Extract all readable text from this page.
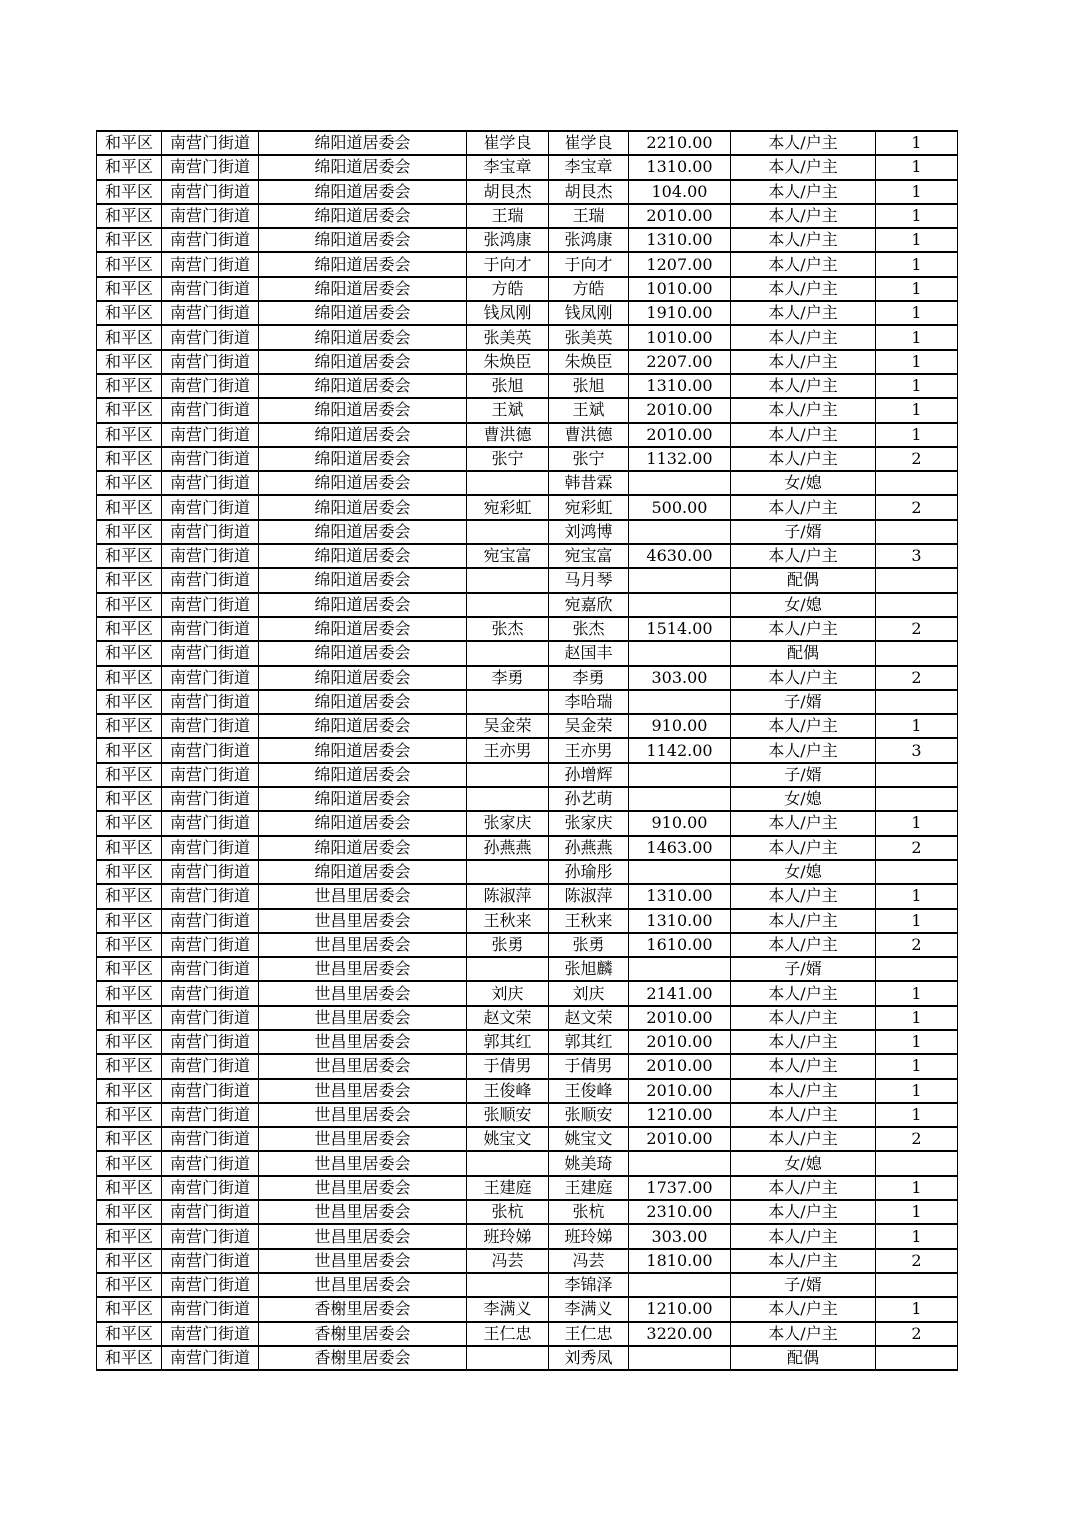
和平区	南营门街道	绵阳道居委会	崔学良	崔学良	2210.00	本人/户主	1
和平区	南营门街道	绵阳道居委会	李宝章	李宝章	1310.00	本人/户主	1
和平区	南营门街道	绵阳道居委会	胡艮杰	胡艮杰	104.00	本人/户主	1
和平区	南营门街道	绵阳道居委会	王瑞	王瑞	2010.00	本人/户主	1
和平区	南营门街道	绵阳道居委会	张鸿康	张鸿康	1310.00	本人/户主	1
和平区	南营门街道	绵阳道居委会	于向才	于向才	1207.00	本人/户主	1
和平区	南营门街道	绵阳道居委会	方皓	方皓	1010.00	本人/户主	1
和平区	南营门街道	绵阳道居委会	钱凤刚	钱凤刚	1910.00	本人/户主	1
和平区	南营门街道	绵阳道居委会	张美英	张美英	1010.00	本人/户主	1
和平区	南营门街道	绵阳道居委会	朱焕臣	朱焕臣	2207.00	本人/户主	1
和平区	南营门街道	绵阳道居委会	张旭	张旭	1310.00	本人/户主	1
和平区	南营门街道	绵阳道居委会	王斌	王斌	2010.00	本人/户主	1
和平区	南营门街道	绵阳道居委会	曹洪德	曹洪德	2010.00	本人/户主	1
和平区	南营门街道	绵阳道居委会	张宁	张宁	1132.00	本人/户主	2
和平区	南营门街道	绵阳道居委会		韩昔霖		女/媳	
和平区	南营门街道	绵阳道居委会	宛彩虹	宛彩虹	500.00	本人/户主	2
和平区	南营门街道	绵阳道居委会		刘鸿博		子/婿	
和平区	南营门街道	绵阳道居委会	宛宝富	宛宝富	4630.00	本人/户主	3
和平区	南营门街道	绵阳道居委会		马月琴		配偶	
和平区	南营门街道	绵阳道居委会		宛嘉欣		女/媳	
和平区	南营门街道	绵阳道居委会	张杰	张杰	1514.00	本人/户主	2
和平区	南营门街道	绵阳道居委会		赵国丰		配偶	
和平区	南营门街道	绵阳道居委会	李勇	李勇	303.00	本人/户主	2
和平区	南营门街道	绵阳道居委会		李哈瑞		子/婿	
和平区	南营门街道	绵阳道居委会	吴金荣	吴金荣	910.00	本人/户主	1
和平区	南营门街道	绵阳道居委会	王亦男	王亦男	1142.00	本人/户主	3
和平区	南营门街道	绵阳道居委会		孙增辉		子/婿	
和平区	南营门街道	绵阳道居委会		孙艺萌		女/媳	
和平区	南营门街道	绵阳道居委会	张家庆	张家庆	910.00	本人/户主	1
和平区	南营门街道	绵阳道居委会	孙燕燕	孙燕燕	1463.00	本人/户主	2
和平区	南营门街道	绵阳道居委会		孙瑜彤		女/媳	
和平区	南营门街道	世昌里居委会	陈淑萍	陈淑萍	1310.00	本人/户主	1
和平区	南营门街道	世昌里居委会	王秋来	王秋来	1310.00	本人/户主	1
和平区	南营门街道	世昌里居委会	张勇	张勇	1610.00	本人/户主	2
和平区	南营门街道	世昌里居委会		张旭麟		子/婿	
和平区	南营门街道	世昌里居委会	刘庆	刘庆	2141.00	本人/户主	1
和平区	南营门街道	世昌里居委会	赵文荣	赵文荣	2010.00	本人/户主	1
和平区	南营门街道	世昌里居委会	郭其红	郭其红	2010.00	本人/户主	1
和平区	南营门街道	世昌里居委会	于倩男	于倩男	2010.00	本人/户主	1
和平区	南营门街道	世昌里居委会	王俊峰	王俊峰	2010.00	本人/户主	1
和平区	南营门街道	世昌里居委会	张顺安	张顺安	1210.00	本人/户主	1
和平区	南营门街道	世昌里居委会	姚宝文	姚宝文	2010.00	本人/户主	2
和平区	南营门街道	世昌里居委会		姚美琦		女/媳	
和平区	南营门街道	世昌里居委会	王建庭	王建庭	1737.00	本人/户主	1
和平区	南营门街道	世昌里居委会	张杭	张杭	2310.00	本人/户主	1
和平区	南营门街道	世昌里居委会	班玲娣	班玲娣	303.00	本人/户主	1
和平区	南营门街道	世昌里居委会	冯芸	冯芸	1810.00	本人/户主	2
和平区	南营门街道	世昌里居委会		李锦泽		子/婿	
和平区	南营门街道	香榭里居委会	李满义	李满义	1210.00	本人/户主	1
和平区	南营门街道	香榭里居委会	王仁忠	王仁忠	3220.00	本人/户主	2
和平区	南营门街道	香榭里居委会		刘秀凤		配偶	
